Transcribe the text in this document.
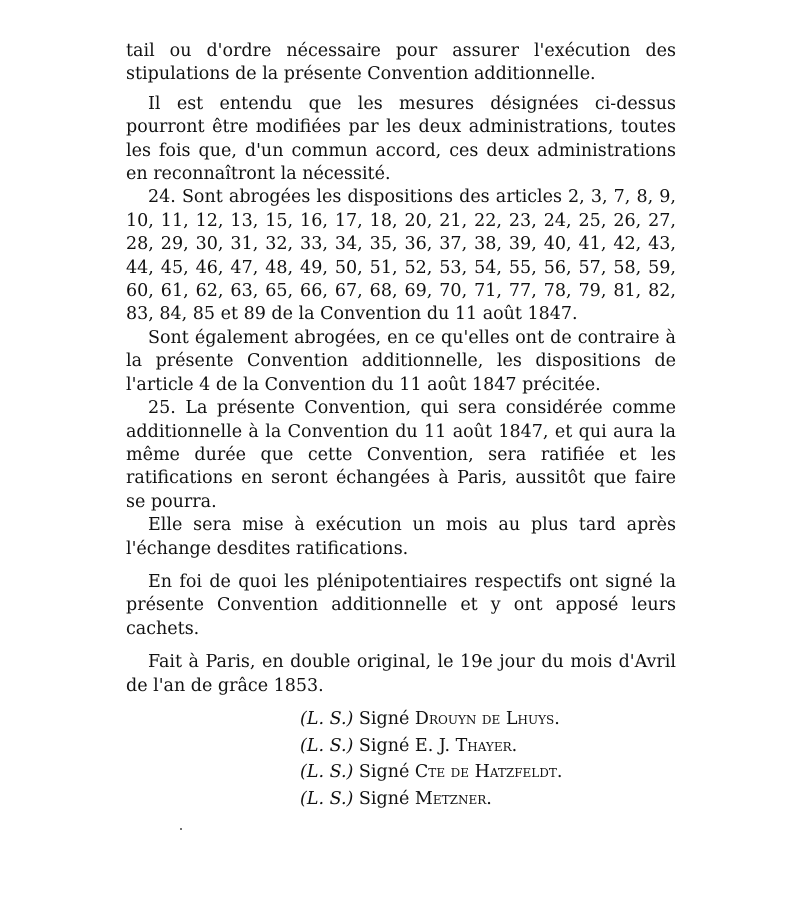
tail ou d'ordre nécessaire pour assurer l'exécution des stipulations de la présente Convention additionnelle.

Il est entendu que les mesures désignées ci-dessus pourront être modifiées par les deux administrations, toutes les fois que, d'un commun accord, ces deux administrations en reconnaîtront la nécessité.

24. Sont abrogées les dispositions des articles 2, 3, 7, 8, 9, 10, 11, 12, 13, 15, 16, 17, 18, 20, 21, 22, 23, 24, 25, 26, 27, 28, 29, 30, 31, 32, 33, 34, 35, 36, 37, 38, 39, 40, 41, 42, 43, 44, 45, 46, 47, 48, 49, 50, 51, 52, 53, 54, 55, 56, 57, 58, 59, 60, 61, 62, 63, 65, 66, 67, 68, 69, 70, 71, 77, 78, 79, 81, 82, 83, 84, 85 et 89 de la Convention du 11 août 1847.

Sont également abrogées, en ce qu'elles ont de contraire à la présente Convention additionnelle, les dispositions de l'article 4 de la Convention du 11 août 1847 précitée.

25. La présente Convention, qui sera considérée comme additionnelle à la Convention du 11 août 1847, et qui aura la même durée que cette Convention, sera ratifiée et les ratifications en seront échangées à Paris, aussitôt que faire se pourra.

Elle sera mise à exécution un mois au plus tard après l'échange desdites ratifications.

En foi de quoi les plénipotentiaires respectifs ont signé la présente Convention additionnelle et y ont apposé leurs cachets.

Fait à Paris, en double original, le 19e jour du mois d'Avril de l'an de grâce 1853.

(L. S.) Signé Drouyn de Lhuys.
(L. S.) Signé E. J. Thayer.
(L. S.) Signé Cte de Hatzfeldt.
(L. S.) Signé Metzner.
